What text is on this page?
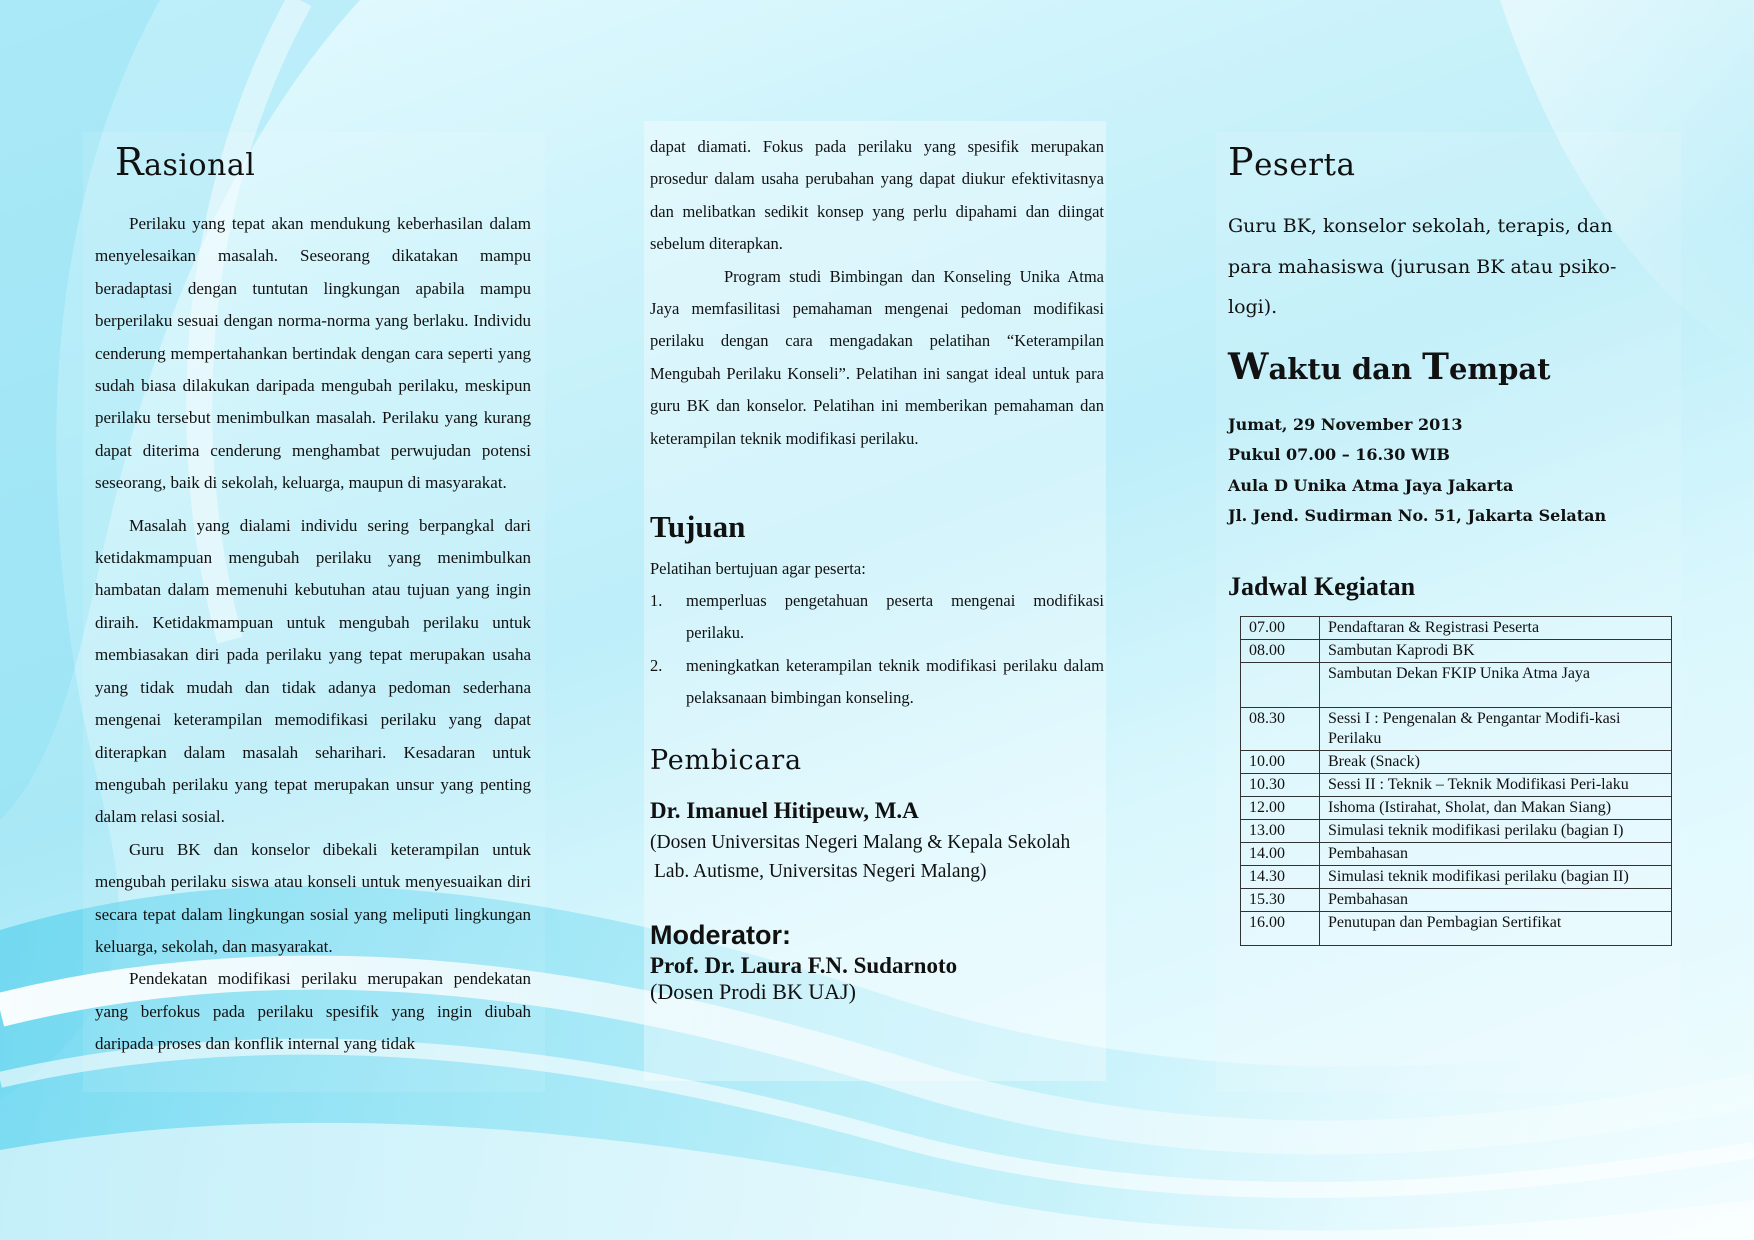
Rasional

Perilaku yang tepat akan mendukung keberhasilan dalam menyelesaikan masalah. Seseorang dikatakan mampu beradaptasi dengan tuntutan lingkungan apabila mampu berperilaku sesuai dengan norma-norma yang berlaku. Individu cenderung mempertahankan bertindak dengan cara seperti yang sudah biasa dilakukan daripada mengubah perilaku, meskipun perilaku tersebut menimbulkan masalah. Perilaku yang kurang dapat diterima cenderung menghambat perwujudan potensi seseorang, baik di sekolah, keluarga, maupun di masyarakat.

Masalah yang dialami individu sering berpangkal dari ketidakmampuan mengubah perilaku yang menimbulkan hambatan dalam memenuhi kebutuhan atau tujuan yang ingin diraih. Ketidakmampuan untuk mengubah perilaku untuk membiasakan diri pada perilaku yang tepat merupakan usaha yang tidak mudah dan tidak adanya pedoman sederhana mengenai keterampilan memodifikasi perilaku yang dapat diterapkan dalam masalah seharihari. Kesadaran untuk mengubah perilaku yang tepat merupakan unsur yang penting dalam relasi sosial.

Guru BK dan konselor dibekali keterampilan untuk mengubah perilaku siswa atau konseli untuk menyesuaikan diri secara tepat dalam lingkungan sosial yang meliputi lingkungan keluarga, sekolah, dan masyarakat.

Pendekatan modifikasi perilaku merupakan pendekatan yang berfokus pada perilaku spesifik yang ingin diubah daripada proses dan konflik internal yang tidak

dapat diamati. Fokus pada perilaku yang spesifik merupakan prosedur dalam usaha perubahan yang dapat diukur efektivitasnya dan melibatkan sedikit konsep yang perlu dipahami dan diingat sebelum diterapkan.

Program studi Bimbingan dan Konseling Unika Atma Jaya memfasilitasi pemahaman mengenai pedoman modifikasi perilaku dengan cara mengadakan pelatihan “Keterampilan Mengubah Perilaku Konseli”. Pelatihan ini sangat ideal untuk para guru BK dan konselor. Pelatihan ini memberikan pemahaman dan keterampilan teknik modifikasi perilaku.

Tujuan

Pelatihan bertujuan agar peserta:

1. memperluas pengetahuan peserta mengenai modifikasi perilaku.
2. meningkatkan keterampilan teknik modifikasi perilaku dalam pelaksanaan bimbingan konseling.
Pembicara

Dr. Imanuel Hitipeuw, M.A

(Dosen Universitas Negeri Malang & Kepala Sekolah
Lab. Autisme, Universitas Negeri Malang)

Moderator:

Prof. Dr. Laura F.N. Sudarnoto

(Dosen Prodi BK UAJ)

Peserta

Guru BK, konselor sekolah, terapis, dan
para mahasiswa (jurusan BK atau psiko-
logi).

Waktu dan Tempat

Jumat, 29 November 2013
Pukul 07.00 – 16.30 WIB
Aula D Unika Atma Jaya Jakarta
Jl. Jend. Sudirman No. 51, Jakarta Selatan

Jadwal Kegiatan
07.00	Pendaftaran & Registrasi Peserta
08.00	Sambutan Kaprodi BK
	Sambutan Dekan FKIP Unika Atma Jaya
08.30	Sessi I : Pengenalan & Pengantar Modifi-kasi Perilaku
10.00	Break (Snack)
10.30	Sessi II : Teknik – Teknik Modifikasi Peri-laku
12.00	Ishoma (Istirahat, Sholat, dan Makan Siang)
13.00	Simulasi teknik modifikasi perilaku (bagian I)
14.00	Pembahasan
14.30	Simulasi teknik modifikasi perilaku (bagian II)
15.30	Pembahasan
16.00	Penutupan dan Pembagian Sertifikat
